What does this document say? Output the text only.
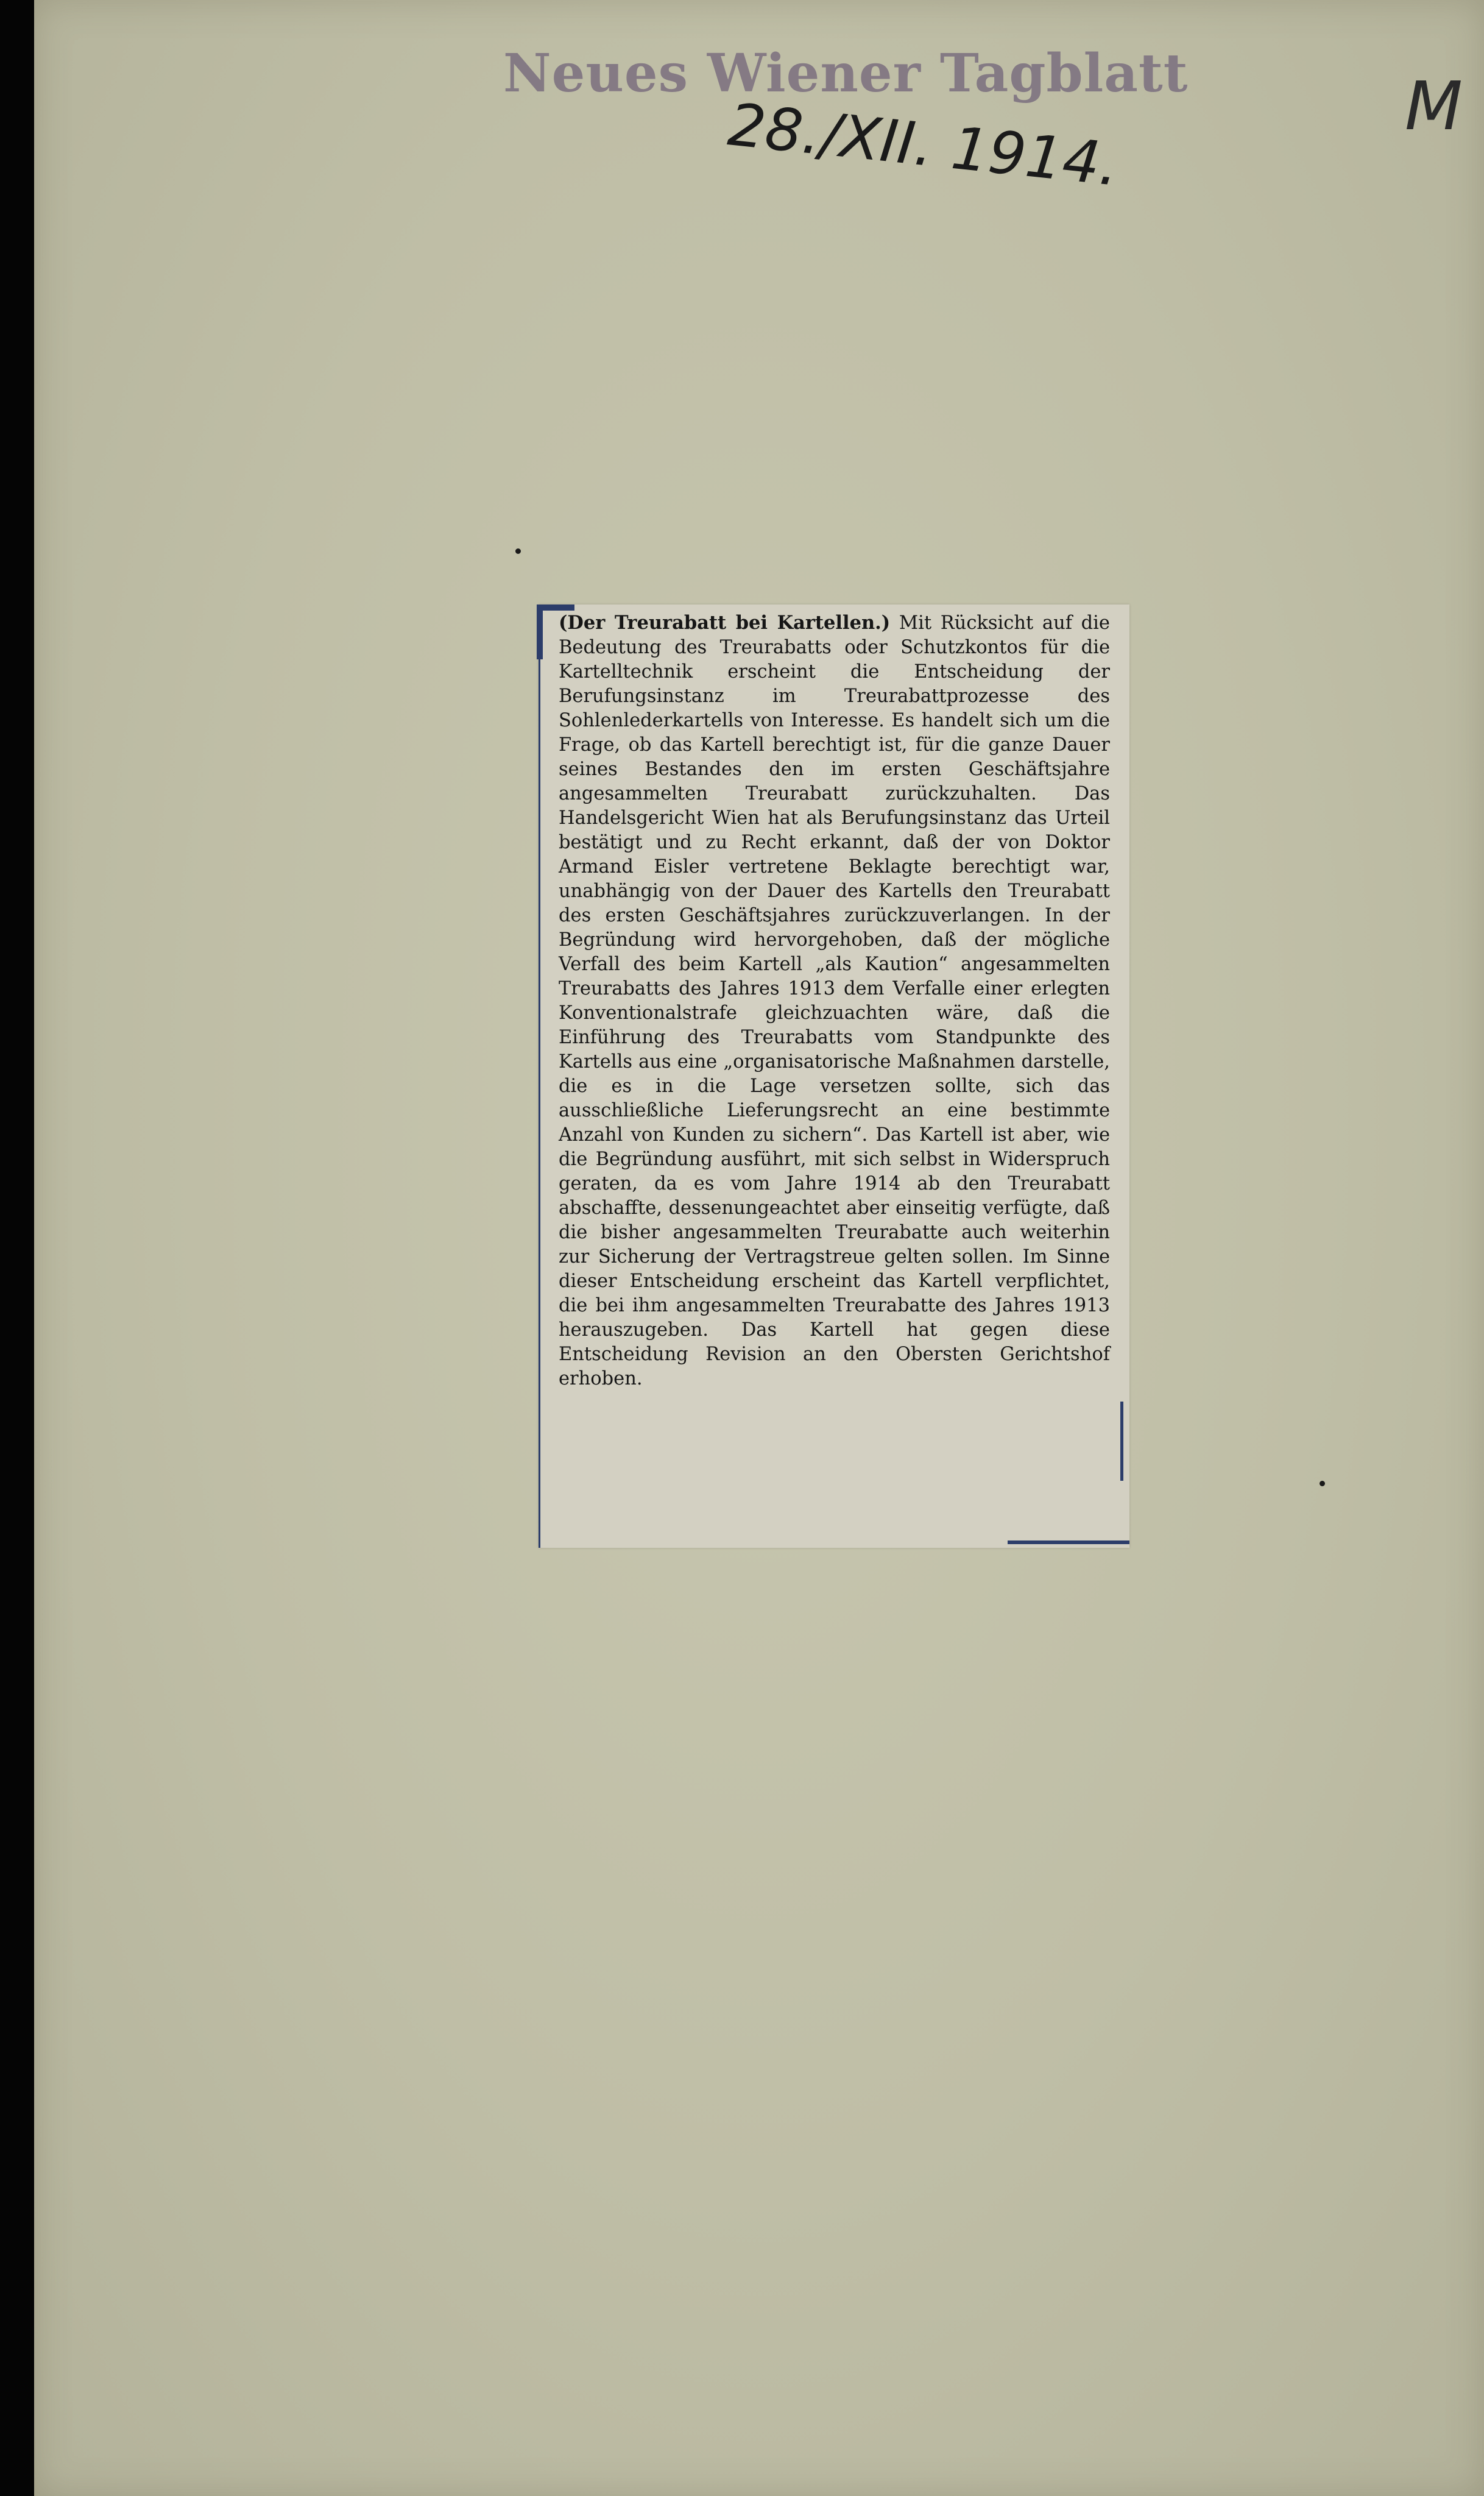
Neues Wiener Tagblatt
28./XII. 1914.	M

(Der Treurabatt bei Kartellen.) Mit Rücksicht auf die Bedeutung des Treurabatts oder Schutzkontos für die Kartelltechnik erscheint die Entscheidung der Berufungsinstanz im Treurabattprozesse des Sohlenlederkartells von Interesse. Es handelt sich um die Frage, ob das Kartell berechtigt ist, für die ganze Dauer seines Bestandes den im ersten Geschäftsjahre angesammelten Treurabatt zurückzuhalten. Das Handelsgericht Wien hat als Berufungsinstanz das Urteil bestätigt und zu Recht erkannt, daß der von Doktor Armand Eisler vertretene Beklagte berechtigt war, unabhängig von der Dauer des Kartells den Treurabatt des ersten Geschäftsjahres zurückzuverlangen. In der Begründung wird hervorgehoben, daß der mögliche Verfall des beim Kartell „als Kaution“ angesammelten Treurabatts des Jahres 1913 dem Verfalle einer erlegten Konventionalstrafe gleichzuachten wäre, daß die Einführung des Treurabatts vom Standpunkte des Kartells aus eine „organisatorische Maßnahmen darstelle, die es in die Lage versetzen sollte, sich das ausschließliche Lieferungsrecht an eine bestimmte Anzahl von Kunden zu sichern“. Das Kartell ist aber, wie die Begründung ausführt, mit sich selbst in Widerspruch geraten, da es vom Jahre 1914 ab den Treurabatt abschaffte, dessenungeachtet aber einseitig verfügte, daß die bisher angesammelten Treurabatte auch weiterhin zur Sicherung der Vertragstreue gelten sollen. Im Sinne dieser Entscheidung erscheint das Kartell verpflichtet, die bei ihm angesammelten Treurabatte des Jahres 1913 herauszugeben. Das Kartell hat gegen diese Entscheidung Revision an den Obersten Gerichtshof erhoben.
